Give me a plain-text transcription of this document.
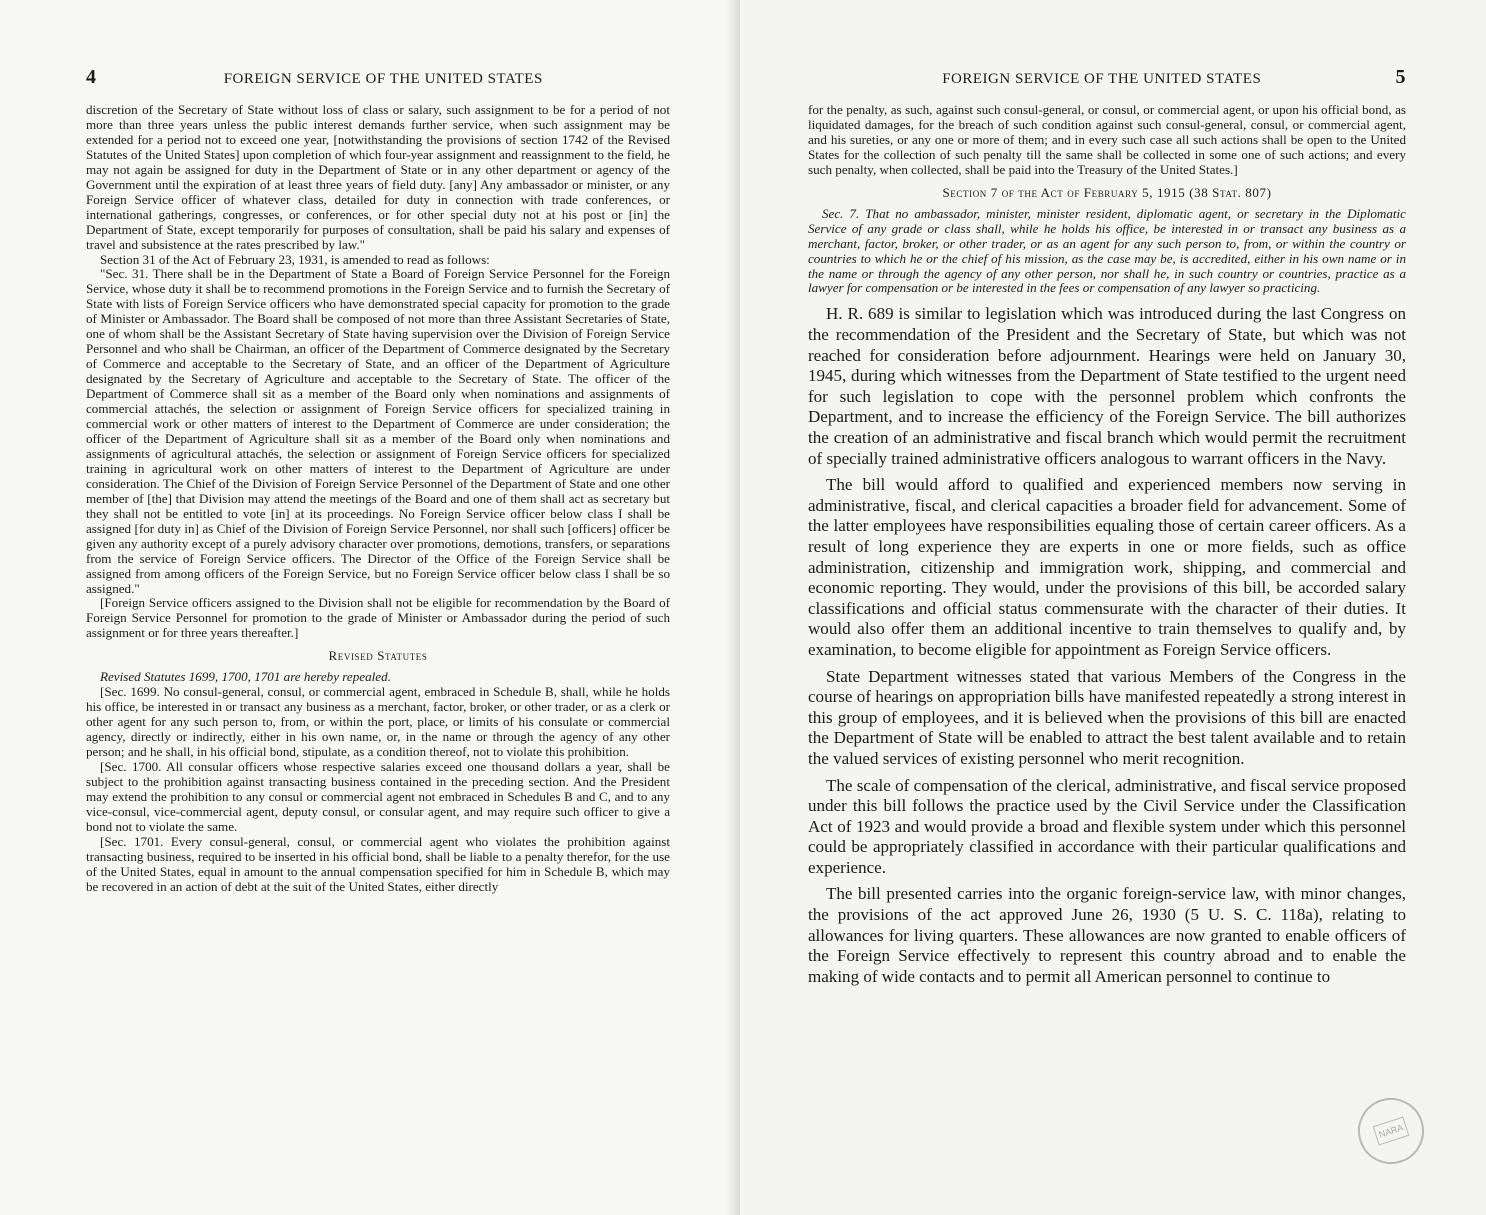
4	FOREIGN SERVICE OF THE UNITED STATES

discretion of the Secretary of State without loss of class or salary, such assignment to be for a period of not more than three years unless the public interest demands further service, when such assignment may be extended for a period not to exceed one year, [notwithstanding the provisions of section 1742 of the Revised Statutes of the United States] upon completion of which four-year assignment and reassignment to the field, he may not again be assigned for duty in the Department of State or in any other department or agency of the Government until the expiration of at least three years of field duty. [any] Any ambassador or minister, or any Foreign Service officer of whatever class, detailed for duty in connection with trade conferences, or international gatherings, congresses, or conferences, or for other special duty not at his post or [in] the Department of State, except temporarily for purposes of consultation, shall be paid his salary and expenses of travel and subsistence at the rates prescribed by law."

Section 31 of the Act of February 23, 1931, is amended to read as follows:

"Sec. 31. There shall be in the Department of State a Board of Foreign Service Personnel for the Foreign Service, whose duty it shall be to recommend promotions in the Foreign Service and to furnish the Secretary of State with lists of Foreign Service officers who have demonstrated special capacity for promotion to the grade of Minister or Ambassador. The Board shall be composed of not more than three Assistant Secretaries of State, one of whom shall be the Assistant Secretary of State having supervision over the Division of Foreign Service Personnel and who shall be Chairman, an officer of the Department of Commerce designated by the Secretary of Commerce and acceptable to the Secretary of State, and an officer of the Department of Agriculture designated by the Secretary of Agriculture and acceptable to the Secretary of State. The officer of the Department of Commerce shall sit as a member of the Board only when nominations and assignments of commercial attachés, the selection or assignment of Foreign Service officers for specialized training in commercial work or other matters of interest to the Department of Commerce are under consideration; the officer of the Department of Agriculture shall sit as a member of the Board only when nominations and assignments of agricultural attachés, the selection or assignment of Foreign Service officers for specialized training in agricultural work on other matters of interest to the Department of Agriculture are under consideration. The Chief of the Division of Foreign Service Personnel of the Department of State and one other member of [the] that Division may attend the meetings of the Board and one of them shall act as secretary but they shall not be entitled to vote [in] at its proceedings. No Foreign Service officer below class I shall be assigned [for duty in] as Chief of the Division of Foreign Service Personnel, nor shall such [officers] officer be given any authority except of a purely advisory character over promotions, demotions, transfers, or separations from the service of Foreign Service officers. The Director of the Office of the Foreign Service shall be assigned from among officers of the Foreign Service, but no Foreign Service officer below class I shall be so assigned."

[Foreign Service officers assigned to the Division shall not be eligible for recommendation by the Board of Foreign Service Personnel for promotion to the grade of Minister or Ambassador during the period of such assignment or for three years thereafter.]

Revised Statutes

Revised Statutes 1699, 1700, 1701 are hereby repealed.

[Sec. 1699. No consul-general, consul, or commercial agent, embraced in Schedule B, shall, while he holds his office, be interested in or transact any business as a merchant, factor, broker, or other trader, or as a clerk or other agent for any such person to, from, or within the port, place, or limits of his consulate or commercial agency, directly or indirectly, either in his own name, or, in the name or through the agency of any other person; and he shall, in his official bond, stipulate, as a condition thereof, not to violate this prohibition.

[Sec. 1700. All consular officers whose respective salaries exceed one thousand dollars a year, shall be subject to the prohibition against transacting business contained in the preceding section. And the President may extend the prohibition to any consul or commercial agent not embraced in Schedules B and C, and to any vice-consul, vice-commercial agent, deputy consul, or consular agent, and may require such officer to give a bond not to violate the same.

[Sec. 1701. Every consul-general, consul, or commercial agent who violates the prohibition against transacting business, required to be inserted in his official bond, shall be liable to a penalty therefor, for the use of the United States, equal in amount to the annual compensation specified for him in Schedule B, which may be recovered in an action of debt at the suit of the United States, either directly

FOREIGN SERVICE OF THE UNITED STATES	5

for the penalty, as such, against such consul-general, or consul, or commercial agent, or upon his official bond, as liquidated damages, for the breach of such condition against such consul-general, consul, or commercial agent, and his sureties, or any one or more of them; and in every such case all such actions shall be open to the United States for the collection of such penalty till the same shall be collected in some one of such actions; and every such penalty, when collected, shall be paid into the Treasury of the United States.]

Section 7 of the Act of February 5, 1915 (38 Stat. 807)

Sec. 7. That no ambassador, minister, minister resident, diplomatic agent, or secretary in the Diplomatic Service of any grade or class shall, while he holds his office, be interested in or transact any business as a merchant, factor, broker, or other trader, or as an agent for any such person to, from, or within the country or countries to which he or the chief of his mission, as the case may be, is accredited, either in his own name or in the name or through the agency of any other person, nor shall he, in such country or countries, practice as a lawyer for compensation or be interested in the fees or compensation of any lawyer so practicing.

H. R. 689 is similar to legislation which was introduced during the last Congress on the recommendation of the President and the Secretary of State, but which was not reached for consideration before adjournment. Hearings were held on January 30, 1945, during which witnesses from the Department of State testified to the urgent need for such legislation to cope with the personnel problem which confronts the Department, and to increase the efficiency of the Foreign Service. The bill authorizes the creation of an administrative and fiscal branch which would permit the recruitment of specially trained administrative officers analogous to warrant officers in the Navy.

The bill would afford to qualified and experienced members now serving in administrative, fiscal, and clerical capacities a broader field for advancement. Some of the latter employees have responsibilities equaling those of certain career officers. As a result of long experience they are experts in one or more fields, such as office administration, citizenship and immigration work, shipping, and commercial and economic reporting. They would, under the provisions of this bill, be accorded salary classifications and official status commensurate with the character of their duties. It would also offer them an additional incentive to train themselves to qualify and, by examination, to become eligible for appointment as Foreign Service officers.

State Department witnesses stated that various Members of the Congress in the course of hearings on appropriation bills have manifested repeatedly a strong interest in this group of employees, and it is believed when the provisions of this bill are enacted the Department of State will be enabled to attract the best talent available and to retain the valued services of existing personnel who merit recognition.

The scale of compensation of the clerical, administrative, and fiscal service proposed under this bill follows the practice used by the Civil Service under the Classification Act of 1923 and would provide a broad and flexible system under which this personnel could be appropriately classified in accordance with their particular qualifications and experience.

The bill presented carries into the organic foreign-service law, with minor changes, the provisions of the act approved June 26, 1930 (5 U. S. C. 118a), relating to allowances for living quarters. These allowances are now granted to enable officers of the Foreign Service effectively to represent this country abroad and to enable the making of wide contacts and to permit all American personnel to continue to

NARA
